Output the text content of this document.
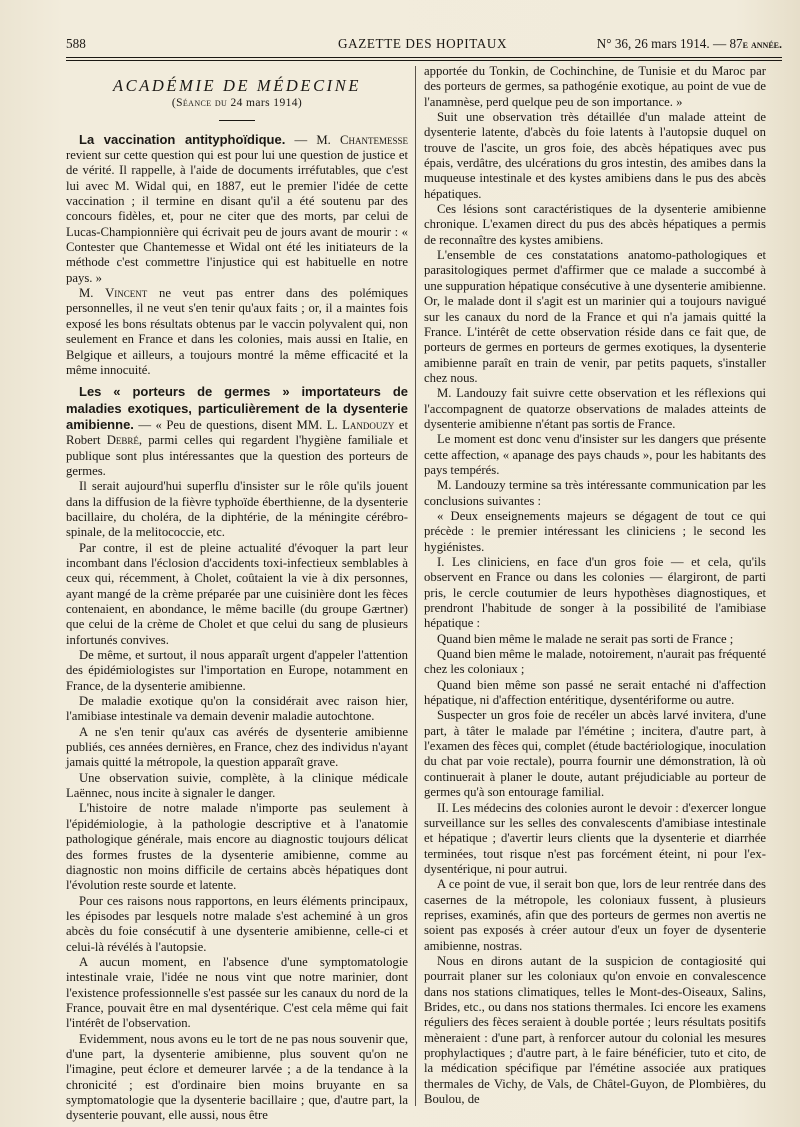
588	GAZETTE DES HOPITAUX	N° 36, 26 mars 1914. — 87e année.

ACADÉMIE DE MÉDECINE

(Séance du 24 mars 1914)

La vaccination antityphoïdique. — M. Chantemesse revient sur cette question qui est pour lui une question de justice et de vérité. Il rappelle, à l'aide de documents irréfutables, que c'est lui avec M. Widal qui, en 1887, eut le premier l'idée de cette vaccination ; il termine en disant qu'il a été soutenu par des concours fidèles, et, pour ne citer que des morts, par celui de Lucas-Championnière qui écrivait peu de jours avant de mourir : « Contester que Chantemesse et Widal ont été les initiateurs de la méthode c'est commettre l'injustice qui est habituelle en notre pays. »

M. Vincent ne veut pas entrer dans des polémiques personnelles, il ne veut s'en tenir qu'aux faits ; or, il a maintes fois exposé les bons résultats obtenus par le vaccin polyvalent qui, non seulement en France et dans les colonies, mais aussi en Italie, en Belgique et ailleurs, a toujours montré la même efficacité et la même innocuité.

Les « porteurs de germes » importateurs de maladies exotiques, particulièrement de la dysenterie amibienne. — « Peu de questions, disent MM. L. Landouzy et Robert Debré, parmi celles qui regardent l'hygiène familiale et publique sont plus intéressantes que la question des porteurs de germes.

Il serait aujourd'hui superflu d'insister sur le rôle qu'ils jouent dans la diffusion de la fièvre typhoïde éberthienne, de la dysenterie bacillaire, du choléra, de la diphtérie, de la méningite cérébro-spinale, de la melitococcie, etc.

Par contre, il est de pleine actualité d'évoquer la part leur incombant dans l'éclosion d'accidents toxi-infectieux semblables à ceux qui, récemment, à Cholet, coûtaient la vie à dix personnes, ayant mangé de la crème préparée par une cuisinière dont les fèces contenaient, en abondance, le même bacille (du groupe Gærtner) que celui de la crème de Cholet et que celui du sang de plusieurs infortunés convives.

De même, et surtout, il nous apparaît urgent d'appeler l'attention des épidémiologistes sur l'importation en Europe, notamment en France, de la dysenterie amibienne.

De maladie exotique qu'on la considérait avec raison hier, l'amibiase intestinale va demain devenir maladie autochtone.

A ne s'en tenir qu'aux cas avérés de dysenterie amibienne publiés, ces années dernières, en France, chez des individus n'ayant jamais quitté la métropole, la question apparaît grave.

Une observation suivie, complète, à la clinique médicale Laënnec, nous incite à signaler le danger.

L'histoire de notre malade n'importe pas seulement à l'épidémiologie, à la pathologie descriptive et à l'anatomie pathologique générale, mais encore au diagnostic toujours délicat des formes frustes de la dysenterie amibienne, comme au diagnostic non moins difficile de certains abcès hépatiques dont l'évolution reste sourde et latente.

Pour ces raisons nous rapportons, en leurs éléments principaux, les épisodes par lesquels notre malade s'est acheminé à un gros abcès du foie consécutif à une dysenterie amibienne, celle-ci et celui-là révélés à l'autopsie.

A aucun moment, en l'absence d'une symptomatologie intestinale vraie, l'idée ne nous vint que notre marinier, dont l'existence professionnelle s'est passée sur les canaux du nord de la France, pouvait être en mal dysentérique. C'est cela même qui fait l'intérêt de l'observation.

Evidemment, nous avons eu le tort de ne pas nous souvenir que, d'une part, la dysenterie amibienne, plus souvent qu'on ne l'imagine, peut éclore et demeurer larvée ; a de la tendance à la chronicité ; est d'ordinaire bien moins bruyante en sa symptomatologie que la dysenterie bacillaire ; que, d'autre part, la dysenterie pouvant, elle aussi, nous être

apportée du Tonkin, de Cochinchine, de Tunisie et du Maroc par des porteurs de germes, sa pathogénie exotique, au point de vue de l'anamnèse, perd quelque peu de son importance. »

Suit une observation très détaillée d'un malade atteint de dysenterie latente, d'abcès du foie latents à l'autopsie duquel on trouve de l'ascite, un gros foie, des abcès hépatiques avec pus épais, verdâtre, des ulcérations du gros intestin, des amibes dans la muqueuse intestinale et des kystes amibiens dans le pus des abcès hépatiques.

Ces lésions sont caractéristiques de la dysenterie amibienne chronique. L'examen direct du pus des abcès hépatiques a permis de reconnaître des kystes amibiens.

L'ensemble de ces constatations anatomo-pathologiques et parasitologiques permet d'affirmer que ce malade a succombé à une suppuration hépatique consécutive à une dysenterie amibienne. Or, le malade dont il s'agit est un marinier qui a toujours navigué sur les canaux du nord de la France et qui n'a jamais quitté la France. L'intérêt de cette observation réside dans ce fait que, de porteurs de germes en porteurs de germes exotiques, la dysenterie amibienne paraît en train de venir, par petits paquets, s'installer chez nous.

M. Landouzy fait suivre cette observation et les réflexions qui l'accompagnent de quatorze observations de malades atteints de dysenterie amibienne n'étant pas sortis de France.

Le moment est donc venu d'insister sur les dangers que présente cette affection, « apanage des pays chauds », pour les habitants des pays tempérés.

M. Landouzy termine sa très intéressante communication par les conclusions suivantes :

« Deux enseignements majeurs se dégagent de tout ce qui précède : le premier intéressant les cliniciens ; le second les hygiénistes.

I. Les cliniciens, en face d'un gros foie — et cela, qu'ils observent en France ou dans les colonies — élargiront, de parti pris, le cercle coutumier de leurs hypothèses diagnostiques, et prendront l'habitude de songer à la possibilité de l'amibiase hépatique :

Quand bien même le malade ne serait pas sorti de France ;

Quand bien même le malade, notoirement, n'aurait pas fréquenté chez les coloniaux ;

Quand bien même son passé ne serait entaché ni d'affection hépatique, ni d'affection entéritique, dysentériforme ou autre.

Suspecter un gros foie de recéler un abcès larvé invitera, d'une part, à tâter le malade par l'émétine ; incitera, d'autre part, à l'examen des fèces qui, complet (étude bactériologique, inoculation du chat par voie rectale), pourra fournir une démonstration, là où continuerait à planer le doute, autant préjudiciable au porteur de germes qu'à son entourage familial.

II. Les médecins des colonies auront le devoir : d'exercer longue surveillance sur les selles des convalescents d'amibiase intestinale et hépatique ; d'avertir leurs clients que la dysenterie et diarrhée terminées, tout risque n'est pas forcément éteint, ni pour l'ex-dysentérique, ni pour autrui.

A ce point de vue, il serait bon que, lors de leur rentrée dans des casernes de la métropole, les coloniaux fussent, à plusieurs reprises, examinés, afin que des porteurs de germes non avertis ne soient pas exposés à créer autour d'eux un foyer de dysenterie amibienne, nostras.

Nous en dirons autant de la suspicion de contagiosité qui pourrait planer sur les coloniaux qu'on envoie en convalescence dans nos stations climatiques, telles le Mont-des-Oiseaux, Salins, Brides, etc., ou dans nos stations thermales. Ici encore les examens réguliers des fèces seraient à double portée ; leurs résultats positifs mèneraient : d'une part, à renforcer autour du colonial les mesures prophylactiques ; d'autre part, à le faire bénéficier, tuto et cito, de la médication spécifique par l'émétine associée aux pratiques thermales de Vichy, de Vals, de Châtel-Guyon, de Plombières, du Boulou, de
